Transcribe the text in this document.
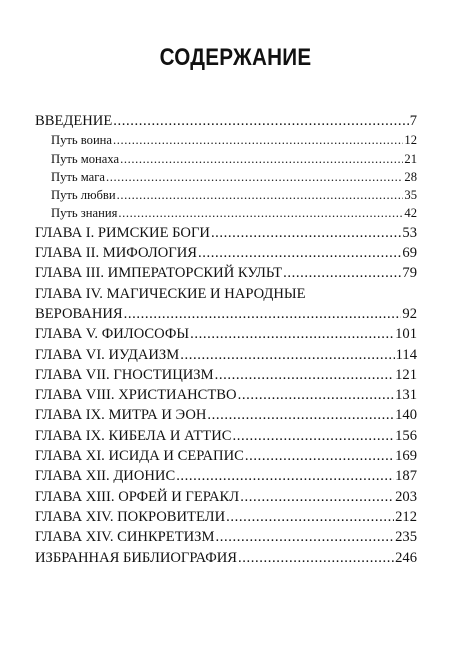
СОДЕРЖАНИЕ
ВВЕДЕНИЕ .....	7
Путь воина .....	12
Путь монаха .....	21
Путь мага .....	28
Путь любви .....	35
Путь знания .....	42
ГЛАВА I. РИМСКИЕ БОГИ .....	53
ГЛАВА II. МИФОЛОГИЯ .....	69
ГЛАВА III. ИМПЕРАТОРСКИЙ КУЛЬТ .....	79
ГЛАВА IV. МАГИЧЕСКИЕ И НАРОДНЫЕ
ВЕРОВАНИЯ .....	92
ГЛАВА V. ФИЛОСОФЫ .....	101
ГЛАВА VI. ИУДАИЗМ .....	114
ГЛАВА VII. ГНОСТИЦИЗМ .....	121
ГЛАВА VIII. ХРИСТИАНСТВО .....	131
ГЛАВА IX. МИТРА И ЭОН .....	140
ГЛАВА IX. КИБЕЛА И АТТИС .....	156
ГЛАВА XI. ИСИДА И СЕРАПИС .....	169
ГЛАВА XII. ДИОНИС .....	187
ГЛАВА XIII. ОРФЕЙ И ГЕРАКЛ .....	203
ГЛАВА XIV. ПОКРОВИТЕЛИ .....	212
ГЛАВА XIV. СИНКРЕТИЗМ .....	235
ИЗБРАННАЯ БИБЛИОГРАФИЯ .....	246
